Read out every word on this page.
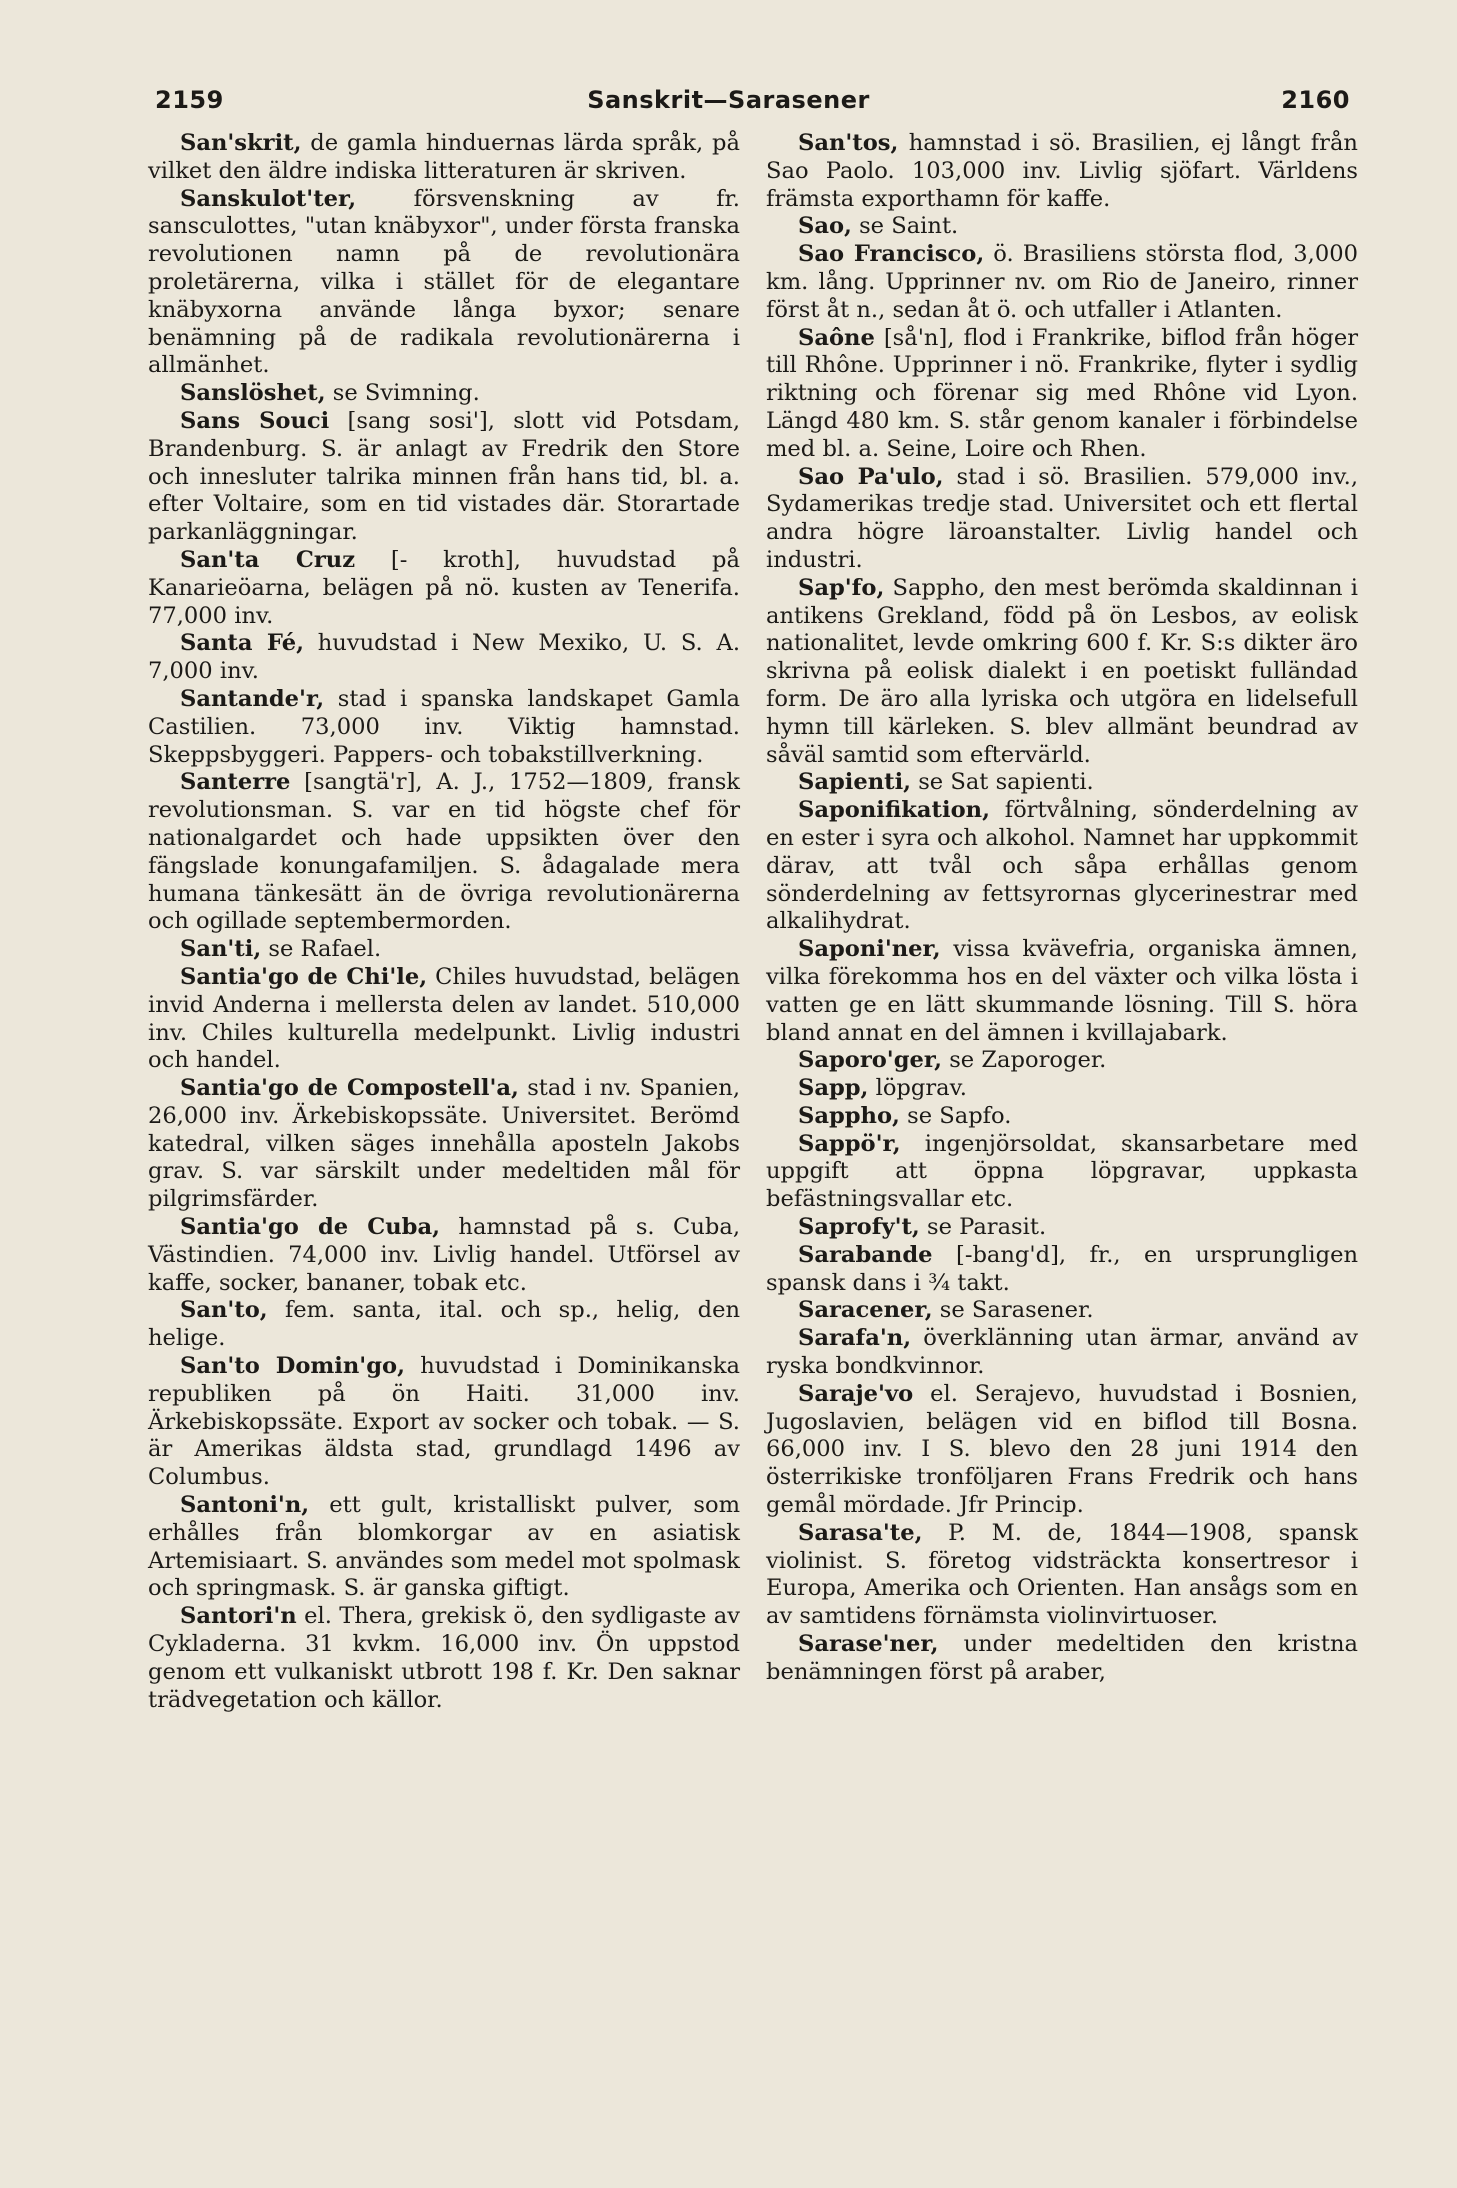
2159	Sanskrit—Sarasener	2160

San'skrit, de gamla hinduernas lärda språk, på vilket den äldre indiska litteraturen är skriven.

Sanskulot'ter, försvenskning av fr. sansculottes, "utan knäbyxor", under första franska revolutionen namn på de revolutionära proletärerna, vilka i stället för de elegantare knäbyxorna använde långa byxor; senare benämning på de radikala revolutionärerna i allmänhet.

Sanslöshet, se Svimning.

Sans Souci [sang sosi'], slott vid Potsdam, Brandenburg. S. är anlagt av Fredrik den Store och innesluter talrika minnen från hans tid, bl. a. efter Voltaire, som en tid vistades där. Storartade parkanläggningar.

San'ta Cruz [- kroth], huvudstad på Kanarieöarna, belägen på nö. kusten av Tenerifa. 77,000 inv.

Santa Fé, huvudstad i New Mexiko, U. S. A. 7,000 inv.

Santande'r, stad i spanska landskapet Gamla Castilien. 73,000 inv. Viktig hamnstad. Skeppsbyggeri. Pappers- och tobakstillverkning.

Santerre [sangtä'r], A. J., 1752—1809, fransk revolutionsman. S. var en tid högste chef för nationalgardet och hade uppsikten över den fängslade konungafamiljen. S. ådagalade mera humana tänkesätt än de övriga revolutionärerna och ogillade septembermorden.

San'ti, se Rafael.

Santia'go de Chi'le, Chiles huvudstad, belägen invid Anderna i mellersta delen av landet. 510,000 inv. Chiles kulturella medelpunkt. Livlig industri och handel.

Santia'go de Compostell'a, stad i nv. Spanien, 26,000 inv. Ärkebiskopssäte. Universitet. Berömd katedral, vilken säges innehålla aposteln Jakobs grav. S. var särskilt under medeltiden mål för pilgrimsfärder.

Santia'go de Cuba, hamnstad på s. Cuba, Västindien. 74,000 inv. Livlig handel. Utförsel av kaffe, socker, bananer, tobak etc.

San'to, fem. santa, ital. och sp., helig, den helige.

San'to Domin'go, huvudstad i Dominikanska republiken på ön Haiti. 31,000 inv. Ärkebiskopssäte. Export av socker och tobak. — S. är Amerikas äldsta stad, grundlagd 1496 av Columbus.

Santoni'n, ett gult, kristalliskt pulver, som erhålles från blomkorgar av en asiatisk Artemisiaart. S. användes som medel mot spolmask och springmask. S. är ganska giftigt.

Santori'n el. Thera, grekisk ö, den sydligaste av Cykladerna. 31 kvkm. 16,000 inv. Ön uppstod genom ett vulkaniskt utbrott 198 f. Kr. Den saknar trädvegetation och källor.

San'tos, hamnstad i sö. Brasilien, ej långt från Sao Paolo. 103,000 inv. Livlig sjöfart. Världens främsta exporthamn för kaffe.

Sao, se Saint.

Sao Francisco, ö. Brasiliens största flod, 3,000 km. lång. Upprinner nv. om Rio de Janeiro, rinner först åt n., sedan åt ö. och utfaller i Atlanten.

Saône [så'n], flod i Frankrike, biflod från höger till Rhône. Upprinner i nö. Frankrike, flyter i sydlig riktning och förenar sig med Rhône vid Lyon. Längd 480 km. S. står genom kanaler i förbindelse med bl. a. Seine, Loire och Rhen.

Sao Pa'ulo, stad i sö. Brasilien. 579,000 inv., Sydamerikas tredje stad. Universitet och ett flertal andra högre läroanstalter. Livlig handel och industri.

Sap'fo, Sappho, den mest berömda skaldinnan i antikens Grekland, född på ön Lesbos, av eolisk nationalitet, levde omkring 600 f. Kr. S:s dikter äro skrivna på eolisk dialekt i en poetiskt fulländad form. De äro alla lyriska och utgöra en lidelsefull hymn till kärleken. S. blev allmänt beundrad av såväl samtid som eftervärld.

Sapienti, se Sat sapienti.

Saponifikation, förtvålning, sönderdelning av en ester i syra och alkohol. Namnet har uppkommit därav, att tvål och såpa erhållas genom sönderdelning av fettsyrornas glycerinestrar med alkalihydrat.

Saponi'ner, vissa kvävefria, organiska ämnen, vilka förekomma hos en del växter och vilka lösta i vatten ge en lätt skummande lösning. Till S. höra bland annat en del ämnen i kvillajabark.

Saporo'ger, se Zaporoger.

Sapp, löpgrav.

Sappho, se Sapfo.

Sappö'r, ingenjörsoldat, skansarbetare med uppgift att öppna löpgravar, uppkasta befästningsvallar etc.

Saprofy't, se Parasit.

Sarabande [-bang'd], fr., en ursprungligen spansk dans i ¾ takt.

Saracener, se Sarasener.

Sarafa'n, överklänning utan ärmar, använd av ryska bondkvinnor.

Saraje'vo el. Serajevo, huvudstad i Bosnien, Jugoslavien, belägen vid en biflod till Bosna. 66,000 inv. I S. blevo den 28 juni 1914 den österrikiske tronföljaren Frans Fredrik och hans gemål mördade. Jfr Princip.

Sarasa'te, P. M. de, 1844—1908, spansk violinist. S. företog vidsträckta konsertresor i Europa, Amerika och Orienten. Han ansågs som en av samtidens förnämsta violinvirtuoser.

Sarase'ner, under medeltiden den kristna benämningen först på araber,
